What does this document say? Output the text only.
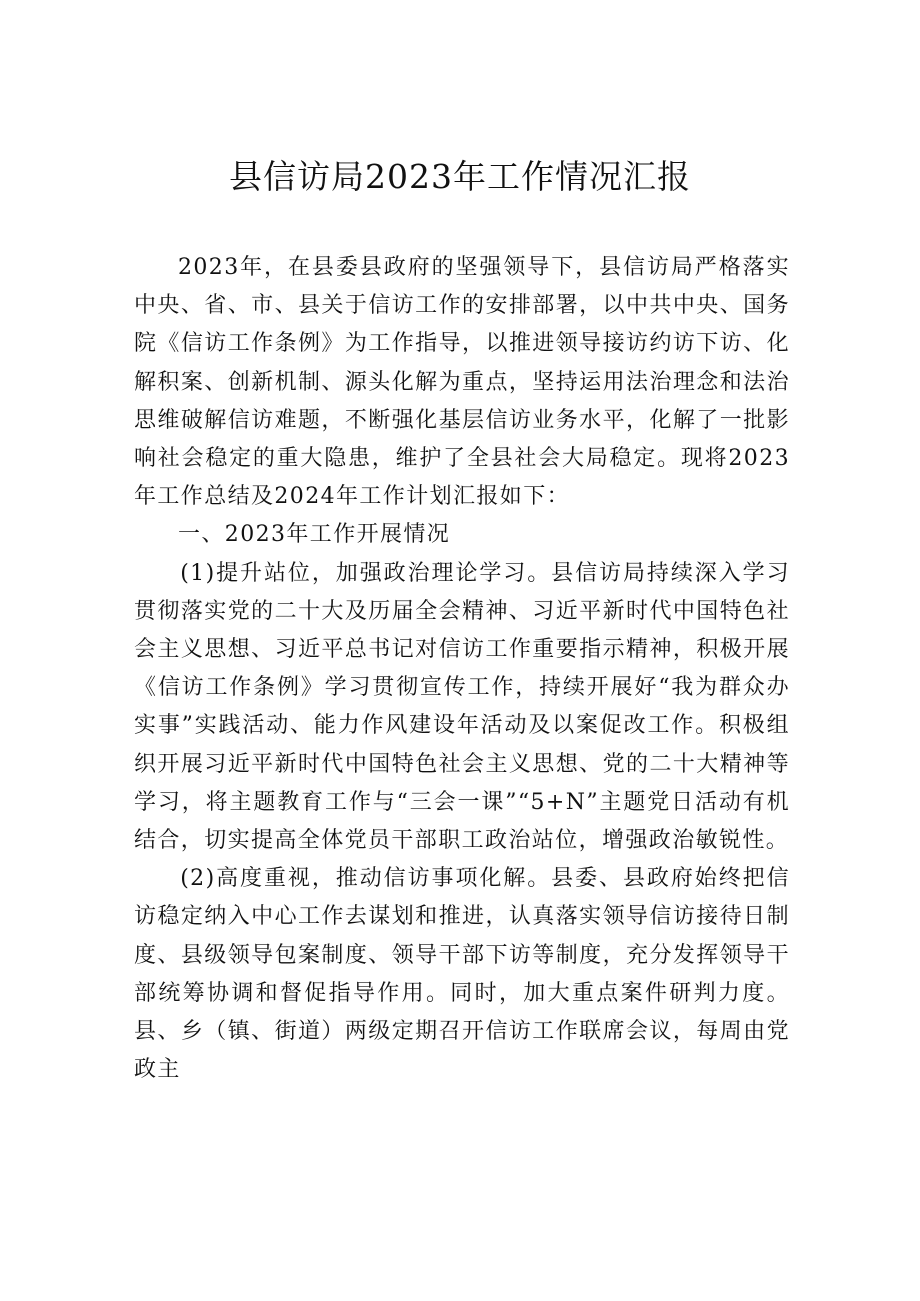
县信访局2023年工作情况汇报

2023年，在县委县政府的坚强领导下，县信访局严格落实中央、省、市、县关于信访工作的安排部署，以中共中央、国务院《信访工作条例》为工作指导，以推进领导接访约访下访、化解积案、创新机制、源头化解为重点，坚持运用法治理念和法治思维破解信访难题，不断强化基层信访业务水平，化解了一批影响社会稳定的重大隐患，维护了全县社会大局稳定。现将2023年工作总结及2024年工作计划汇报如下：

一、2023年工作开展情况

(1)提升站位，加强政治理论学习。县信访局持续深入学习贯彻落实党的二十大及历届全会精神、习近平新时代中国特色社会主义思想、习近平总书记对信访工作重要指示精神，积极开展《信访工作条例》学习贯彻宣传工作，持续开展好“我为群众办实事”实践活动、能力作风建设年活动及以案促改工作。积极组织开展习近平新时代中国特色社会主义思想、党的二十大精神等学习，将主题教育工作与“三会一课”“5+N”主题党日活动有机结合，切实提高全体党员干部职工政治站位，增强政治敏锐性。

(2)高度重视，推动信访事项化解。县委、县政府始终把信访稳定纳入中心工作去谋划和推进，认真落实领导信访接待日制度、县级领导包案制度、领导干部下访等制度，充分发挥领导干部统筹协调和督促指导作用。同时，加大重点案件研判力度。县、乡（镇、街道）两级定期召开信访工作联席会议，每周由党政主
